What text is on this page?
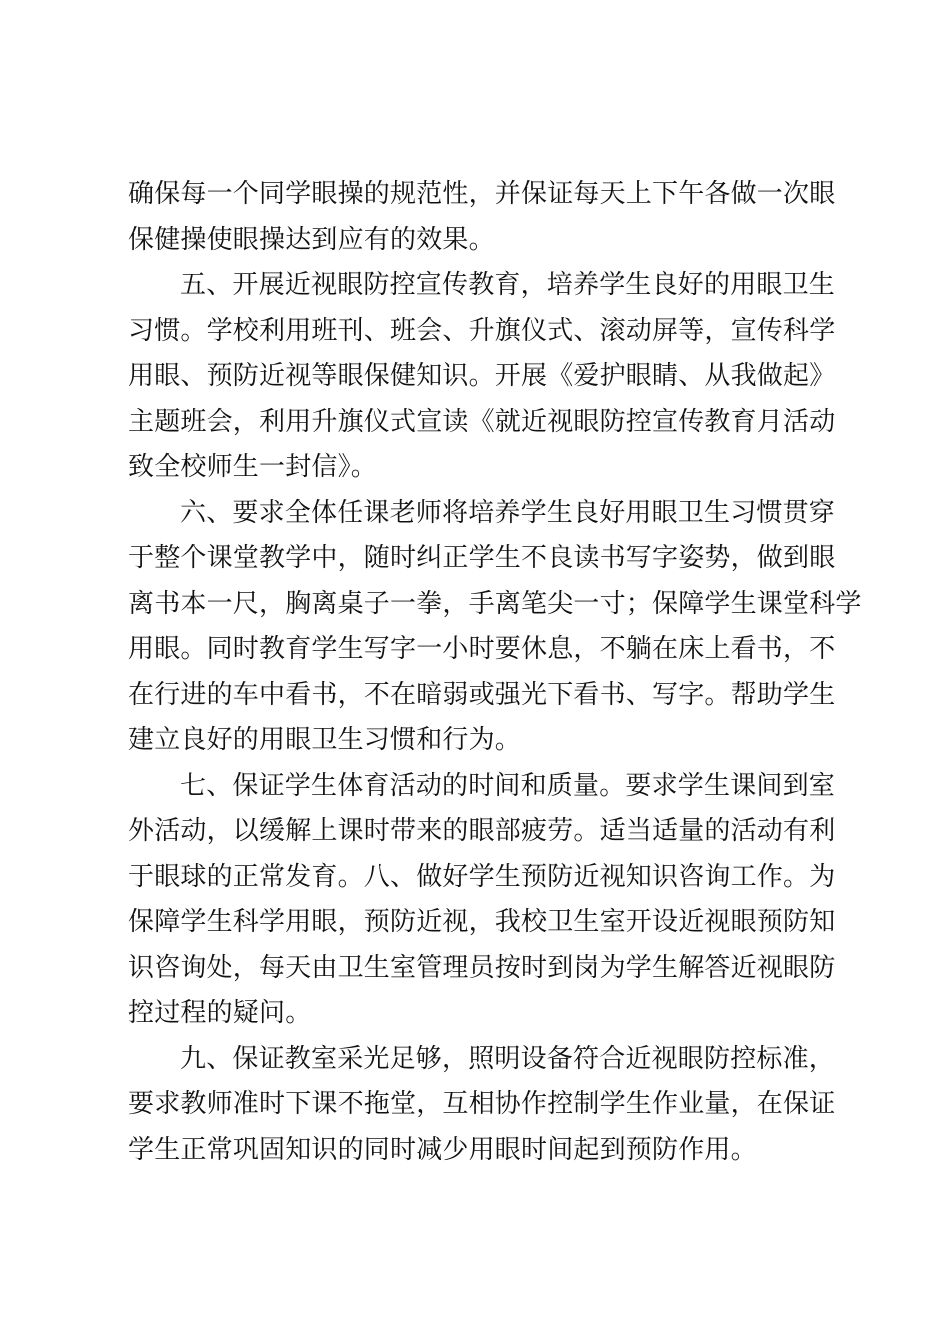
确保每一个同学眼操的规范性，并保证每天上下午各做一次眼
保健操使眼操达到应有的效果。
五、开展近视眼防控宣传教育，培养学生良好的用眼卫生
习惯。学校利用班刊、班会、升旗仪式、滚动屏等，宣传科学
用眼、预防近视等眼保健知识。开展《爱护眼睛、从我做起》
主题班会，利用升旗仪式宣读《就近视眼防控宣传教育月活动
致全校师生一封信》。
六、要求全体任课老师将培养学生良好用眼卫生习惯贯穿
于整个课堂教学中，随时纠正学生不良读书写字姿势，做到眼
离书本一尺，胸离桌子一拳，手离笔尖一寸；保障学生课堂科学
用眼。同时教育学生写字一小时要休息，不躺在床上看书，不
在行进的车中看书，不在暗弱或强光下看书、写字。帮助学生
建立良好的用眼卫生习惯和行为。
七、保证学生体育活动的时间和质量。要求学生课间到室
外活动，以缓解上课时带来的眼部疲劳。适当适量的活动有利
于眼球的正常发育。八、做好学生预防近视知识咨询工作。为
保障学生科学用眼，预防近视，我校卫生室开设近视眼预防知
识咨询处，每天由卫生室管理员按时到岗为学生解答近视眼防
控过程的疑问。
九、保证教室采光足够，照明设备符合近视眼防控标准，
要求教师准时下课不拖堂，互相协作控制学生作业量，在保证
学生正常巩固知识的同时减少用眼时间起到预防作用。
